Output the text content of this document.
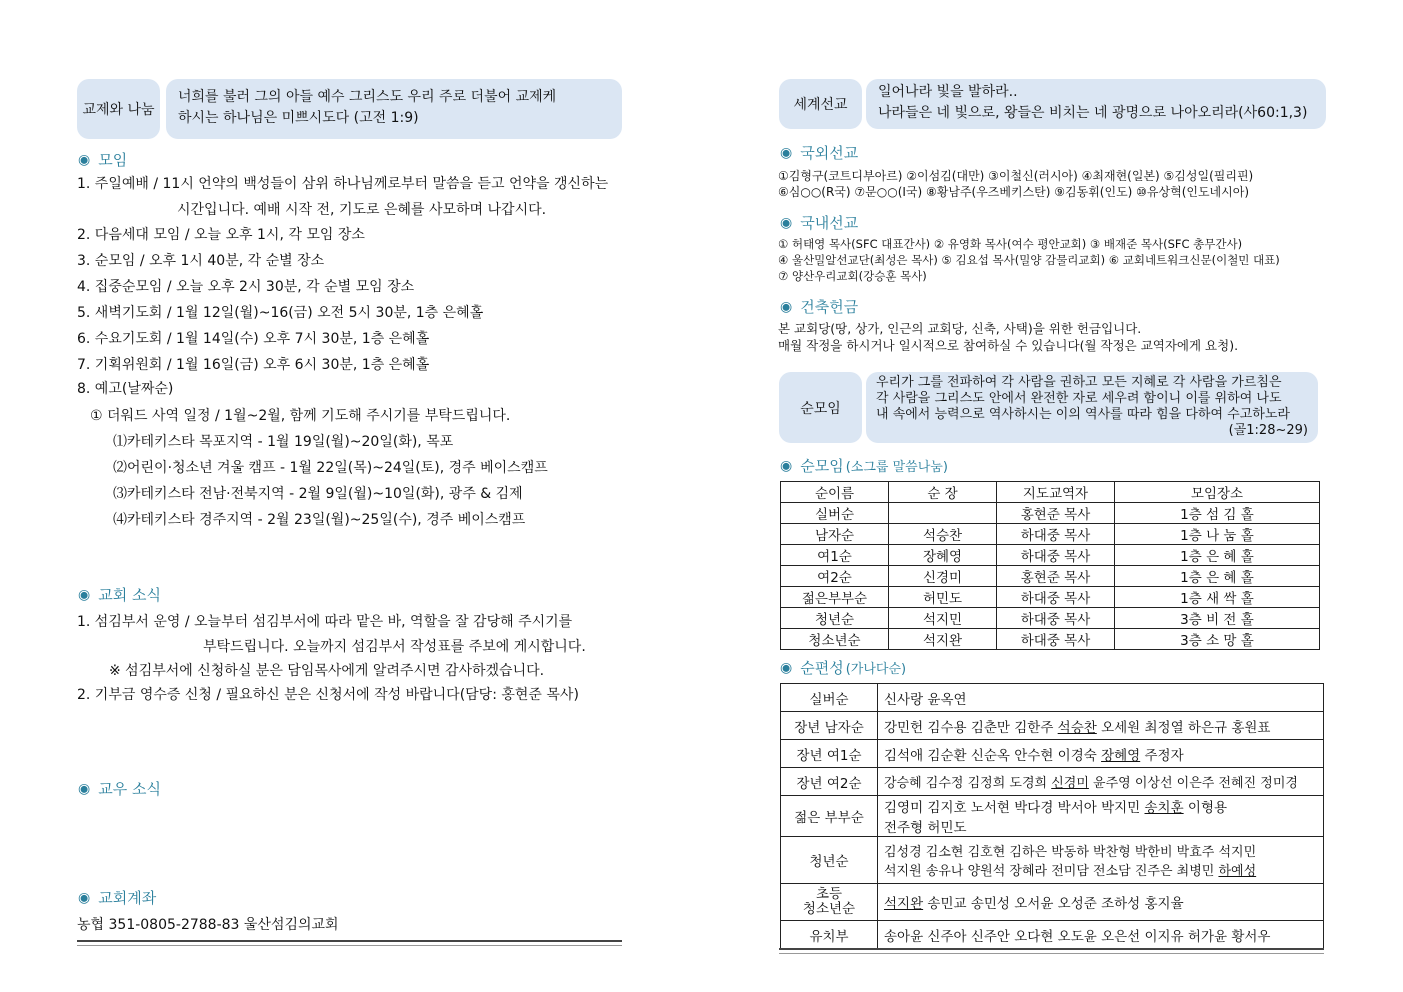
교제와 나눔
너희를 불러 그의 아들 예수 그리스도 우리 주로 더불어 교제케
하시는 하나님은 미쁘시도다 (고전 1:9)
◉ 모임
1. 주일예배 / 11시 언약의 백성들이 삼위 하나님께로부터 말씀을 듣고 언약을 갱신하는
시간입니다. 예배 시작 전, 기도로 은혜를 사모하며 나갑시다.
2. 다음세대 모임 / 오늘 오후 1시, 각 모임 장소
3. 순모임 / 오후 1시 40분, 각 순별 장소
4. 집중순모임 / 오늘 오후 2시 30분, 각 순별 모임 장소
5. 새벽기도회 / 1월 12일(월)~16(금) 오전 5시 30분, 1층 은혜홀
6. 수요기도회 / 1월 14일(수) 오후 7시 30분, 1층 은혜홀
7. 기획위원회 / 1월 16일(금) 오후 6시 30분, 1층 은혜홀
8. 예고(날짜순)
① 더워드 사역 일정 / 1월~2월, 함께 기도해 주시기를 부탁드립니다.
⑴카테키스타 목포지역 - 1월 19일(월)~20일(화), 목포
⑵어린이·청소년 겨울 캠프 - 1월 22일(목)~24일(토), 경주 베이스캠프
⑶카테키스타 전남·전북지역 - 2월 9일(월)~10일(화), 광주 & 김제
⑷카테키스타 경주지역 - 2월 23일(월)~25일(수), 경주 베이스캠프
◉ 교회 소식
1. 섬김부서 운영 / 오늘부터 섬김부서에 따라 맡은 바, 역할을 잘 감당해 주시기를
부탁드립니다. 오늘까지 섬김부서 작성표를 주보에 게시합니다.
※ 섬김부서에 신청하실 분은 담임목사에게 알려주시면 감사하겠습니다.
2. 기부금 영수증 신청 / 필요하신 분은 신청서에 작성 바랍니다(담당: 홍현준 목사)
◉ 교우 소식
◉ 교회계좌
농협 351-0805-2788-83 울산섬김의교회
세계선교
일어나라 빛을 발하라..
나라들은 네 빛으로, 왕들은 비치는 네 광명으로 나아오리라(사60:1,3)
◉ 국외선교
①김형구(코트디부아르) ②이섬김(대만) ③이철신(러시아) ④최재현(일본) ⑤김성일(필리핀)
⑥심○○(R국) ⑦문○○(I국) ⑧황남주(우즈베키스탄) ⑨김동휘(인도) ⑩유상혁(인도네시아)
◉ 국내선교
① 허태영 목사(SFC 대표간사) ② 유영화 목사(여수 평안교회) ③ 배재준 목사(SFC 총무간사)
④ 울산밀알선교단(최성은 목사) ⑤ 김요섭 목사(밀양 감물리교회) ⑥ 교회네트워크신문(이철민 대표)
⑦ 양산우리교회(강승훈 목사)
◉ 건축헌금
본 교회당(땅, 상가, 인근의 교회당, 신축, 사택)을 위한 헌금입니다.
매월 작정을 하시거나 일시적으로 참여하실 수 있습니다(월 작정은 교역자에게 요청).
순모임
우리가 그를 전파하여 각 사람을 권하고 모든 지혜로 각 사람을 가르침은
각 사람을 그리스도 안에서 완전한 자로 세우려 함이니 이를 위하여 나도
내 속에서 능력으로 역사하시는 이의 역사를 따라 힘을 다하여 수고하노라
(골1:28~29)
◉ 순모임 (소그룹 말씀나눔)
순이름	순 장	지도교역자	모임장소
실버순		홍현준 목사	1층 섬 김 홀
남자순	석승찬	하대중 목사	1층 나 눔 홀
여1순	장혜영	하대중 목사	1층 은 혜 홀
여2순	신경미	홍현준 목사	1층 은 혜 홀
젊은부부순	허민도	하대중 목사	1층 새 싹 홀
청년순	석지민	하대중 목사	3층 비 전 홀
청소년순	석지완	하대중 목사	3층 소 망 홀
◉ 순편성 (가나다순)
실버순	신사랑 윤옥연
장년 남자순	강민헌 김수용 김춘만 김한주 석승찬 오세원 최정열 하은규 홍원표
장년 여1순	김석애 김순환 신순옥 안수현 이경숙 장혜영 주정자
장년 여2순	강승혜 김수정 김정희 도경희 신경미 윤주영 이상선 이은주 전혜진 정미경
젊은 부부순	김영미 김지호 노서현 박다경 박서아 박지민 송치훈 이형용
전주형 허민도

청년순	김성경 김소현 김호현 김하은 박동하 박찬형 박한비 박효주 석지민
석지원 송유나 양원석 장혜라 전미담 전소담 진주은 최병민 하예성

초등
청소년순	석지완 송민교 송민성 오서윤 오성준 조하성 홍지율
유치부	송아윤 신주아 신주안 오다현 오도윤 오은선 이지유 허가윤 황서우
